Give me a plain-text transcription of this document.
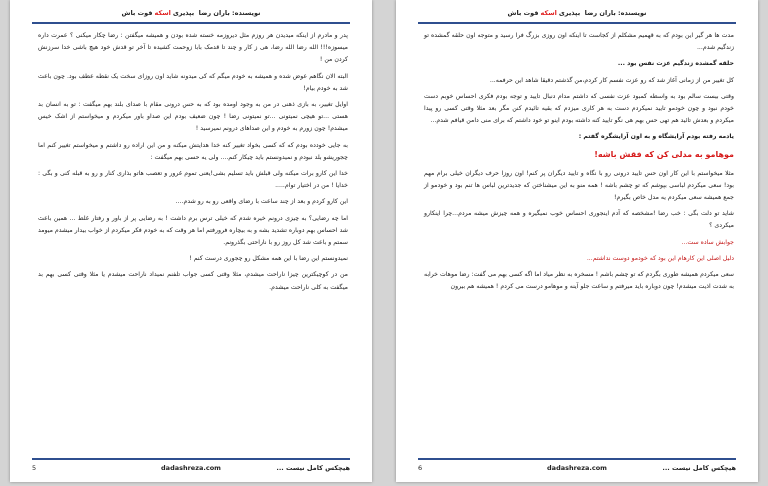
نویسنده: باران رضا

بپذیری
اسکه
قوت باش

پدر و مادرم از اینکه میدیدن هر روزم مثل دیروزمه خسته شده بودن و همیشه میگفتن : رضا چکار میکنی ؟ عمرت داره میسوزه!!! الله رضا الله رضا، هی ز کار و چند تا قدمک بابا زوحمت کشیده تا آخر تو قدش خود هیچ باشی خدا سرزنش کردن من !

البته الان نگاهم عوض شده و همیشه به خودم میگم که کی میدونه شاید اون روزای سخت یک نقطه عطف بود. چون باعث شد به خودم بیام!

اوایل تغییر، به بازی ذهنی در من به وجود اومده بود که به حس درونی مقام با صدای بلند بهم میگفت : تو به انسان بد هستی ...تو هیچی نمیتونی ...تو نمیتونی رضا ! چون ضعیف بودم این صداو باور میکردم و میخواستم از اشک خیس میشدم! چون زورم به خودم و این صداهای درونم نمیرسید !

به جایی خودده بودم که که کسی بخواد تغییر کنه خدا هدایتش میکنه و من این اراده رو داشتم و میخواستم تغییر کنم اما چجوریشو بلد نبودم و نمیدونستم باید چیکار کنم.... ولی یه حسی بهم میگفت :

خدا این کارو برات میکنه ولی قبلش باید تسلیم بشی!یعنی تموم غرور و تعصب هاتو بذاری کنار و رو به قبله کنی و بگی : خدایا ! من در اختیار توام.....

این کارو کردم و بعد از چند ساعت با رضای واقعی رو به رو شدم....

اما چه رضایی؟ به چیزی درونم خیره شدم که خیلی ترس برم داشت ! به رضایی پر از باور و رفتار غلط ... همین باعث شد احساس بهم دوباره تشدید بشه و به بیچاره فرورفتم اما هر وقت که به خودم فکر میکردم از خواب بیدار میشدم میومد سمتم و باعث شد کل روز رو با ناراحتی بگذرونم.

نمیدونستم این رضا با این همه مشکل رو چجوری درست کنم !

من در کوچیکترین چیزا ناراحت میشدم، مثلا وقتی کسی جواب تلفنم نمیداد ناراحت میشدم یا مثلا وقتی کسی بهم بد میگفت به کلی ناراحت میشدم.

5	dadashreza.com	هیچکس کامل نیست ...
نویسنده: باران رضا

بپذیری
اسکه
قوت باش

مدت ها هر گیر این بودم که به قهمیم مشکلم از کجاست تا اینکه اون روزی بزرگ فرا رسید و متوجه اون حلقه گمشده تو زندگیم شدم...

حلقه گمشده زندگیم عزت نفس بود ...

کل تغییر من از زمانی آغاز شد که رو عزت نفسم کار کردم،من گذشتم دقیقا شاهد این حرفمه...

وقتی بیست سالم بود به واسطه کمبود عزت نفسی که داشتم مدام دنبال تایید و توجه بودم فکری احساس خوبم دست خودم نبود و چون خودمو تایید نمیکردم دست به هر کاری میزدم که بقیه تائیدم کنن مگر بعد مثلا وقتی کسی رو پیدا میکردم و بعدش تائید هم تهی حس بهم هی نگو تایید کنه داشته بودم اینو تو خود داشتم که برای منی دامن قیافم شدم...

یادمه رفته بودم آرایشگاه و به اون آرایشگره گفتم :

موهامو به مدلی کن که فقش باشه!

مثلا میخواستم با این کار اون حس تایید درونی رو با نگاه و تایید دیگران پر کنم! اون روزا حرف دیگران خیلی برام مهم بود! سعی میکردم لباسی بپوشم که تو چشم باشه ! همه منو به این میشناختن که جدیدترین لباس ها تنم بود و خودمو از جمع همیشه سعی میکردم یه مدل خاص بگیرم!

شاید تو دلت بگی : خب رضا !مشخصه که آدم اینجوری احساس خوب نمیگیره و همه چیزش میشه مردم...چرا اینکارو میکردی ؟

جوابش ساده ست...

دلیل اصلی این کارهام این بود که خودمو دوست نداشتم...

سعی میکردم همیشه طوری بگردم که تو چشم باشم ! مسخره به نظر میاد اما اگه کسی بهم می گفت: رضا موهات خرابه به شدت اذیت میشدم! چون دوباره باید میرفتم و ساعت جلو آینه و موهامو درست می کردم ! همیشه هم بیرون

6	dadashreza.com	هیچکس کامل نیست ...
